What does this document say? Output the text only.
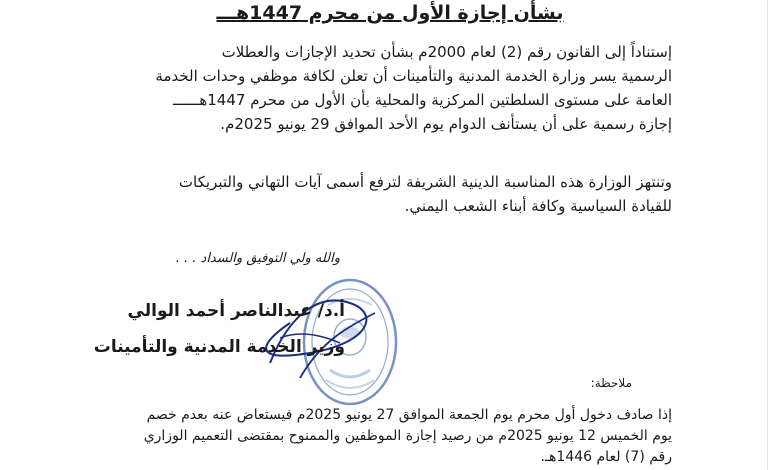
بشأن إجازة الأول من محرم 1447هـــ

إستناداً إلى القانون رقم (2) لعام 2000م بشأن تحديد الإجازات والعطلات
الرسمية يسر وزارة الخدمة المدنية والتأمينات أن تعلن لكافة موظفي وحدات الخدمة
العامة على مستوى السلطتين المركزية والمحلية بأن الأول من محرم 1447هــــــ
إجازة رسمية على أن يستأنف الدوام يوم الأحد الموافق 29 يونيو 2025م.

وتنتهز الوزارة هذه المناسبة الدينية الشريفة لترفع أسمى آيات التهاني والتبريكات
للقيادة السياسية وكافة أبناء الشعب اليمني.

والله ولي التوفيق والسداد . . .
أ.د/ عبدالناصر أحمد الوالي
وزير الخدمة المدنية والتأمينات
ملاحظة:

إذا صادف دخول أول محرم يوم الجمعة الموافق 27 يونيو 2025م فيستعاض عنه بعدم خصم
يوم الخميس 12 يونيو 2025م من رصيد إجازة الموظفين والممنوح بمقتضى التعميم الوزاري
رقم (7) لعام 1446هـ.
